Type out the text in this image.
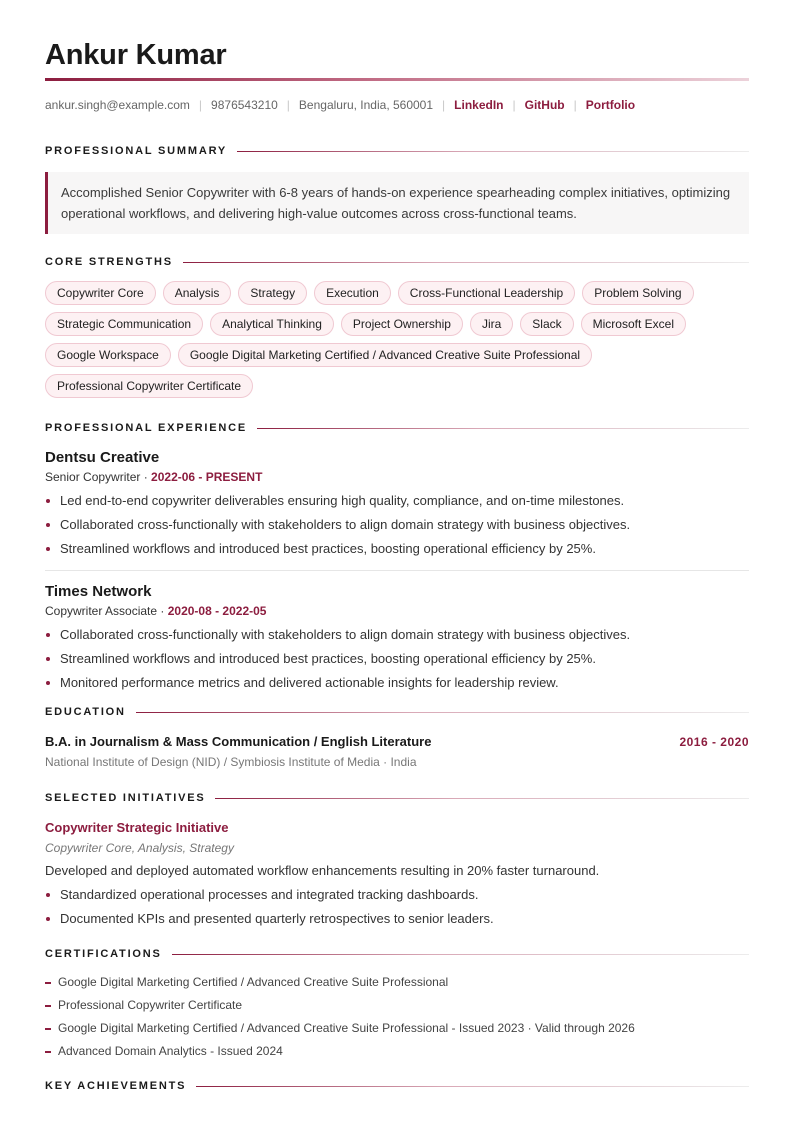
Ankur Kumar
ankur.singh@example.com | 9876543210 | Bengaluru, India, 560001 | LinkedIn | GitHub | Portfolio
PROFESSIONAL SUMMARY
Accomplished Senior Copywriter with 6-8 years of hands-on experience spearheading complex initiatives, optimizing operational workflows, and delivering high-value outcomes across cross-functional teams.
CORE STRENGTHS
Copywriter Core	Analysis	Strategy	Execution	Cross-Functional Leadership	Problem Solving
Strategic Communication	Analytical Thinking	Project Ownership	Jira	Slack	Microsoft Excel
Google Workspace	Google Digital Marketing Certified / Advanced Creative Suite Professional
Professional Copywriter Certificate
PROFESSIONAL EXPERIENCE
Dentsu Creative
Senior Copywriter · 2022-06 - PRESENT
Led end-to-end copywriter deliverables ensuring high quality, compliance, and on-time milestones.
Collaborated cross-functionally with stakeholders to align domain strategy with business objectives.
Streamlined workflows and introduced best practices, boosting operational efficiency by 25%.
Times Network
Copywriter Associate · 2020-08 - 2022-05
Collaborated cross-functionally with stakeholders to align domain strategy with business objectives.
Streamlined workflows and introduced best practices, boosting operational efficiency by 25%.
Monitored performance metrics and delivered actionable insights for leadership review.
EDUCATION
B.A. in Journalism & Mass Communication / English Literature	2016 - 2020
National Institute of Design (NID) / Symbiosis Institute of Media · India
SELECTED INITIATIVES
Copywriter Strategic Initiative
Copywriter Core, Analysis, Strategy
Developed and deployed automated workflow enhancements resulting in 20% faster turnaround.
Standardized operational processes and integrated tracking dashboards.
Documented KPIs and presented quarterly retrospectives to senior leaders.
CERTIFICATIONS
Google Digital Marketing Certified / Advanced Creative Suite Professional
Professional Copywriter Certificate
Google Digital Marketing Certified / Advanced Creative Suite Professional - Issued 2023 · Valid through 2026
Advanced Domain Analytics - Issued 2024
KEY ACHIEVEMENTS
